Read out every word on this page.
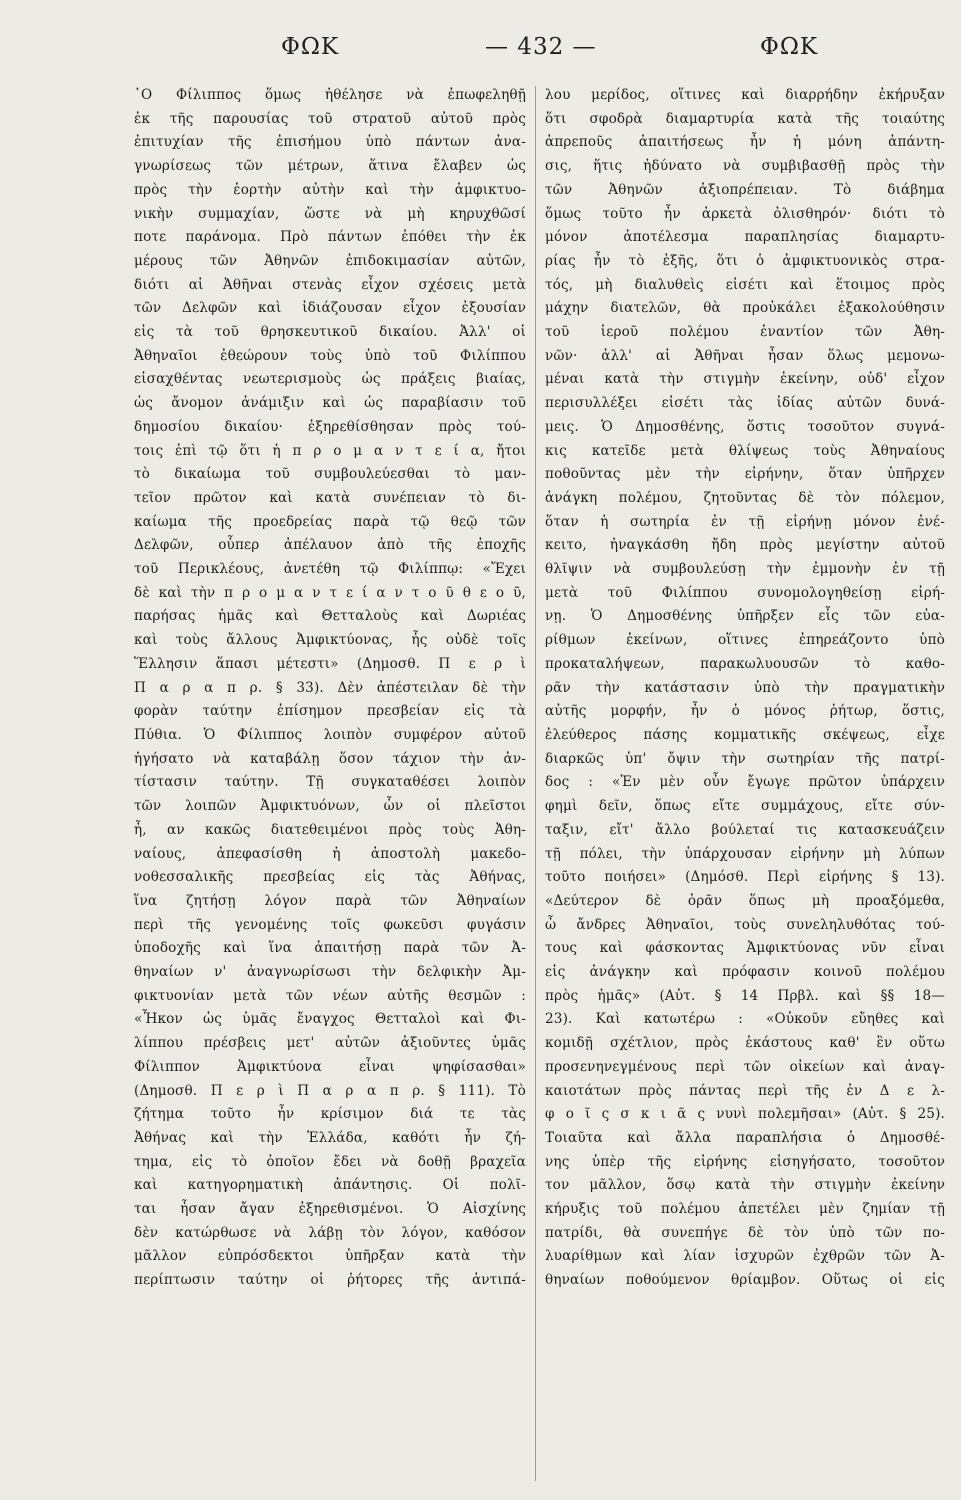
ΦΩΚ	— 432 —	ΦΩΚ
῾Ο Φίλιππος ὅμως ἠθέλησε νὰ ἐπωφεληθῇ
ἐκ τῆς παρουσίας τοῦ στρατοῦ αὐτοῦ πρὸς
ἐπιτυχίαν τῆς ἐπισήμου ὑπὸ πάντων ἀνα-
γνωρίσεως τῶν μέτρων, ἅτινα ἔλαβεν ὡς
πρὸς τὴν ἑορτὴν αὐτὴν καὶ τὴν ἀμφικτυο-
νικὴν συμμαχίαν, ὥστε νὰ μὴ κηρυχθῶσί
ποτε παράνομα. Πρὸ πάντων ἐπόθει τὴν ἐκ
μέρους τῶν Ἀθηνῶν ἐπιδοκιμασίαν αὐτῶν,
διότι αἱ Ἀθῆναι στενὰς εἶχον σχέσεις μετὰ
τῶν Δελφῶν καὶ ἰδιάζουσαν εἶχον ἐξουσίαν
εἰς τὰ τοῦ θρησκευτικοῦ δικαίου. Ἀλλ' οἱ
Ἀθηναῖοι ἐθεώρουν τοὺς ὑπὸ τοῦ Φιλίππου
εἰσαχθέντας νεωτερισμοὺς ὡς πράξεις βιαίας,
ὡς ἄνομον ἀνάμιξιν καὶ ὡς παραβίασιν τοῦ
δημοσίου δικαίου· ἐξηρεθίσθησαν πρὸς τού-
τοις ἐπὶ τῷ ὅτι ἡ π ρ ο μ α ν τ ε ί α, ἤτοι
τὸ δικαίωμα τοῦ συμβουλεύεσθαι τὸ μαν-
τεῖον πρῶτον καὶ κατὰ συνέπειαν τὸ δι-
καίωμα τῆς προεδρείας παρὰ τῷ θεῷ τῶν
Δελφῶν, οὗπερ ἀπέλαυον ἀπὸ τῆς ἐποχῆς
τοῦ Περικλέους, ἀνετέθη τῷ Φιλίππῳ: «Ἔχει
δὲ καὶ τὴν π ρ ο μ α ν τ ε ί α ν τ ο ῦ θ ε ο ῦ,
παρήσας ἡμᾶς καὶ Θετταλοὺς καὶ Δωριέας
καὶ τοὺς ἄλλους Ἀμφικτύονας, ἧς οὐδὲ τοῖς
Ἕλλησιν ἅπασι μέτεστι» (Δημοσθ. Π ε ρ ὶ
Π α ρ α π ρ. § 33). Δὲν ἀπέστειλαν δὲ τὴν
φορὰν ταύτην ἐπίσημον πρεσβείαν εἰς τὰ
Πύθια. Ὁ Φίλιππος λοιπὸν συμφέρον αὐτοῦ
ἡγήσατο νὰ καταβάλῃ ὅσον τάχιον τὴν ἀν-
τίστασιν ταύτην. Τῇ συγκαταθέσει λοιπὸν
τῶν λοιπῶν Ἀμφικτυόνων, ὧν οἱ πλεῖστοι
ἦ, αν κακῶς διατεθειμένοι πρὸς τοὺς Ἀθη-
ναίους, ἀπεφασίσθη ἡ ἀποστολὴ μακεδο-
νοθεσσαλικῆς πρεσβείας εἰς τὰς Ἀθήνας,
ἵνα ζητήσῃ λόγον παρὰ τῶν Ἀθηναίων
περὶ τῆς γενομένης τοῖς φωκεῦσι φυγάσιν
ὑποδοχῆς καὶ ἵνα ἀπαιτήσῃ παρὰ τῶν Ἀ-
θηναίων ν' ἀναγνωρίσωσι τὴν δελφικὴν Ἀμ-
φικτυονίαν μετὰ τῶν νέων αὐτῆς θεσμῶν :
«Ἧκον ὡς ὑμᾶς ἔναγχος Θετταλοὶ καὶ Φι-
λίππου πρέσβεις μετ' αὐτῶν ἀξιοῦντες ὑμᾶς
Φίλιππον Ἀμφικτύονα εἶναι ψηφίσασθαι»
(Δημοσθ. Π ε ρ ὶ Π α ρ α π ρ. § 111). Τὸ
ζήτημα τοῦτο ἦν κρίσιμον διά τε τὰς
Ἀθήνας καὶ τὴν Ἑλλάδα, καθότι ἦν ζή-
τημα, εἰς τὸ ὁποῖον ἔδει νὰ δοθῇ βραχεῖα
καὶ κατηγορηματικὴ ἀπάντησις. Οἱ πολῖ-
ται ἦσαν ἄγαν ἐξηρεθισμένοι. Ὁ Αἰσχίνης
δὲν κατώρθωσε νὰ λάβῃ τὸν λόγον, καθόσον
μᾶλλον εὐπρόσδεκτοι ὑπῆρξαν κατὰ τὴν
περίπτωσιν ταύτην οἱ ῥήτορες τῆς ἀντιπά-
λου μερίδος, οἵτινες καὶ διαρρήδην ἐκήρυξαν
ὅτι σφοδρὰ διαμαρτυρία κατὰ τῆς τοιαύτης
ἀπρεποῦς ἀπαιτήσεως ἦν ἡ μόνη ἀπάντη-
σις, ἥτις ἠδύνατο νὰ συμβιβασθῇ πρὸς τὴν
τῶν Ἀθηνῶν ἀξιοπρέπειαν. Τὸ διάβημα
ὅμως τοῦτο ἦν ἀρκετὰ ὀλισθηρόν· διότι τὸ
μόνον ἀποτέλεσμα παραπλησίας διαμαρτυ-
ρίας ἦν τὸ ἑξῆς, ὅτι ὁ ἀμφικτυονικὸς στρα-
τός, μὴ διαλυθεὶς εἰσέτι καὶ ἕτοιμος πρὸς
μάχην διατελῶν, θὰ προὐκάλει ἐξακολούθησιν
τοῦ ἱεροῦ πολέμου ἐναντίον τῶν Ἀθη-
νῶν· ἀλλ' αἱ Ἀθῆναι ἦσαν ὅλως μεμονω-
μέναι κατὰ τὴν στιγμὴν ἐκείνην, οὐδ' εἶχον
περισυλλέξει εἰσέτι τὰς ἰδίας αὐτῶν δυνά-
μεις. Ὁ Δημοσθένης, ὅστις τοσοῦτον συγνά-
κις κατεῖδε μετὰ θλίψεως τοὺς Ἀθηναίους
ποθοῦντας μὲν τὴν εἰρήνην, ὅταν ὑπῆρχεν
ἀνάγκη πολέμου, ζητοῦντας δὲ τὸν πόλεμον,
ὅταν ἡ σωτηρία ἐν τῇ εἰρήνῃ μόνον ἐνέ-
κειτο, ἠναγκάσθη ἤδη πρὸς μεγίστην αὐτοῦ
θλῖψιν νὰ συμβουλεύσῃ τὴν ἐμμονὴν ἐν τῇ
μετὰ τοῦ Φιλίππου συνομολογηθείσῃ εἰρή-
νῃ. Ὁ Δημοσθένης ὑπῆρξεν εἷς τῶν εὐα-
ρίθμων ἐκείνων, οἵτινες ἐπηρεάζοντο ὑπὸ
προκαταλήψεων, παρακωλυουσῶν τὸ καθο-
ρᾶν τὴν κατάστασιν ὑπὸ τὴν πραγματικὴν
αὐτῆς μορφήν, ἦν ὁ μόνος ῥήτωρ, ὅστις,
ἐλεύθερος πάσης κομματικῆς σκέψεως, εἶχε
διαρκῶς ὑπ' ὄψιν τὴν σωτηρίαν τῆς πατρί-
δος : «Ἐν μὲν οὖν ἔγωγε πρῶτον ὑπάρχειν
φημὶ δεῖν, ὅπως εἴτε συμμάχους, εἴτε σύν-
ταξιν, εἴτ' ἄλλο βούλεταί τις κατασκευάζειν
τῇ πόλει, τὴν ὑπάρχουσαν εἰρήνην μὴ λύπων
τοῦτο ποιήσει» (Δημόσθ. Περὶ εἰρήνης § 13).
«Δεύτερον δὲ ὁρᾶν ὅπως μὴ προαξόμεθα,
ὦ ἄνδρες Ἀθηναῖοι, τοὺς συνεληλυθότας τού-
τους καὶ φάσκοντας Ἀμφικτύονας νῦν εἶναι
εἰς ἀνάγκην καὶ πρόφασιν κοινοῦ πολέμου
πρὸς ἡμᾶς» (Αὐτ. § 14 Πρβλ. καὶ §§ 18—
23). Καὶ κατωτέρω : «Οὐκοῦν εὔηθες καὶ
κομιδῇ σχέτλιον, πρὸς ἑκάστους καθ' ἓν οὕτω
προσενηνεγμένους περὶ τῶν οἰκείων καὶ ἀναγ-
καιοτάτων πρὸς πάντας περὶ τῆς ἐν Δ ε λ-
φ ο ῖ ς σ κ ι ᾶ ς νυνὶ πολεμῆσαι» (Αὐτ. § 25).
Τοιαῦτα καὶ ἄλλα παραπλήσια ὁ Δημοσθέ-
νης ὑπὲρ τῆς εἰρήνης εἰσηγήσατο, τοσοῦτον
τον μᾶλλον, ὅσῳ κατὰ τὴν στιγμὴν ἐκείνην
κήρυξις τοῦ πολέμου ἀπετέλει μὲν ζημίαν τῇ
πατρίδι, θὰ συνεπήγε δὲ τὸν ὑπὸ τῶν πο-
λυαρίθμων καὶ λίαν ἰσχυρῶν ἐχθρῶν τῶν Ἀ-
θηναίων ποθούμενον θρίαμβον. Οὕτως οἱ εἰς
